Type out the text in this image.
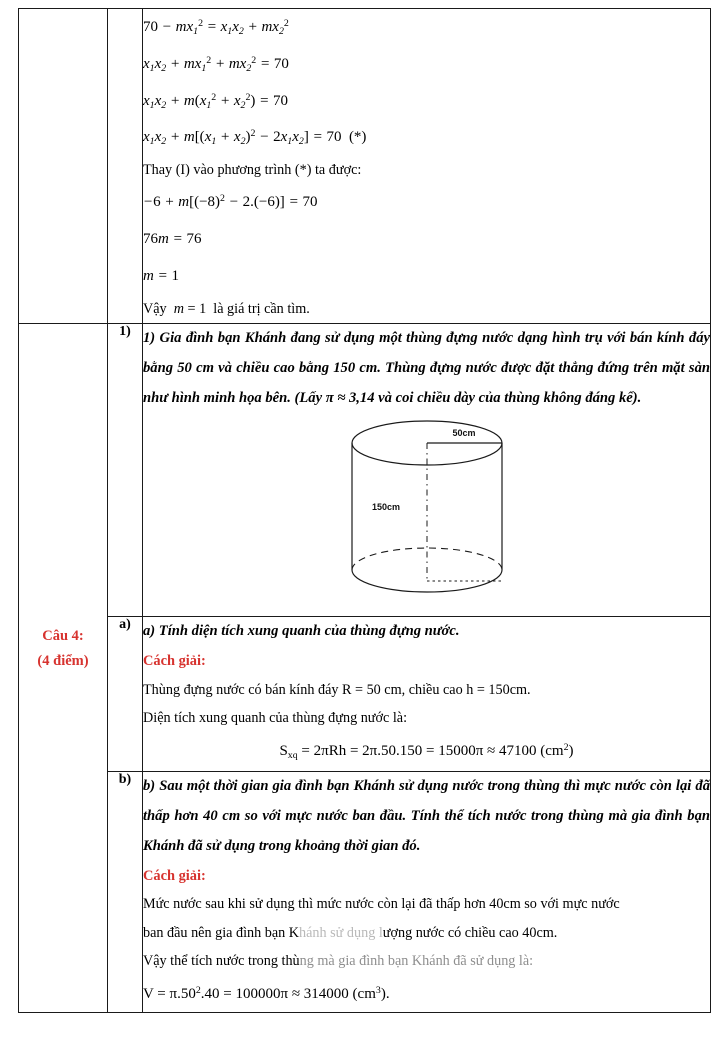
$70 - mx_1^2 = x_1x_2 + mx_2^2$
$x_1x_2 + mx_1^2 + mx_2^2 = 70$
$x_1x_2 + m(x_1^2 + x_2^2) = 70$
$x_1x_2 + m[(x_1 + x_2)^2 - 2x_1x_2] = 70$  (*)
Thay (I) vào phương trình (*) ta được:
$-6 + m[(-8)^2 - 2.(-6)] = 70$
76m = 76
m = 1
Vậy  m = 1  là giá trị cần tìm.

Câu 4:
(4 điểm)
	1)	1) Gia đình bạn Khánh đang sử dụng một thùng đựng nước dạng hình trụ với bán kính đáy bằng 50 cm và chiều cao bằng 150 cm. Thùng đựng nước được đặt thẳng đứng trên mặt sàn như hình minh họa bên. (Lấy π ≈ 3,14 và coi chiều dày của thùng không đáng kể).
50cm
150cm

	a)	a) Tính diện tích xung quanh của thùng đựng nước.
Cách giải:
Thùng đựng nước có bán kính đáy R = 50 cm, chiều cao h = 150cm.
Diện tích xung quanh của thùng đựng nước là:
$S_{xq} = 2\pi Rh = 2\pi.50.150 = 15000\pi \approx 47100$ $(cm^2)$

b)	b) Sau một thời gian gia đình bạn Khánh sử dụng nước trong thùng thì mực nước còn lại đã thấp hơn 40 cm so với mực nước ban đầu. Tính thể tích nước trong thùng mà gia đình bạn Khánh đã sử dụng trong khoảng thời gian đó.
Cách giải:
Mức nước sau khi sử dụng thì mức nước còn lại đã thấp hơn 40cm so với mực nước
ban đầu nên gia đình bạn Khánh sử dụng lượng nước có chiều cao 40cm.
Vậy thể tích nước trong thùng mà gia đình bạn Khánh đã sử dụng là:
$V = \pi.50^2.40 = 100000\pi \approx 314000$ $(cm^3)$.
